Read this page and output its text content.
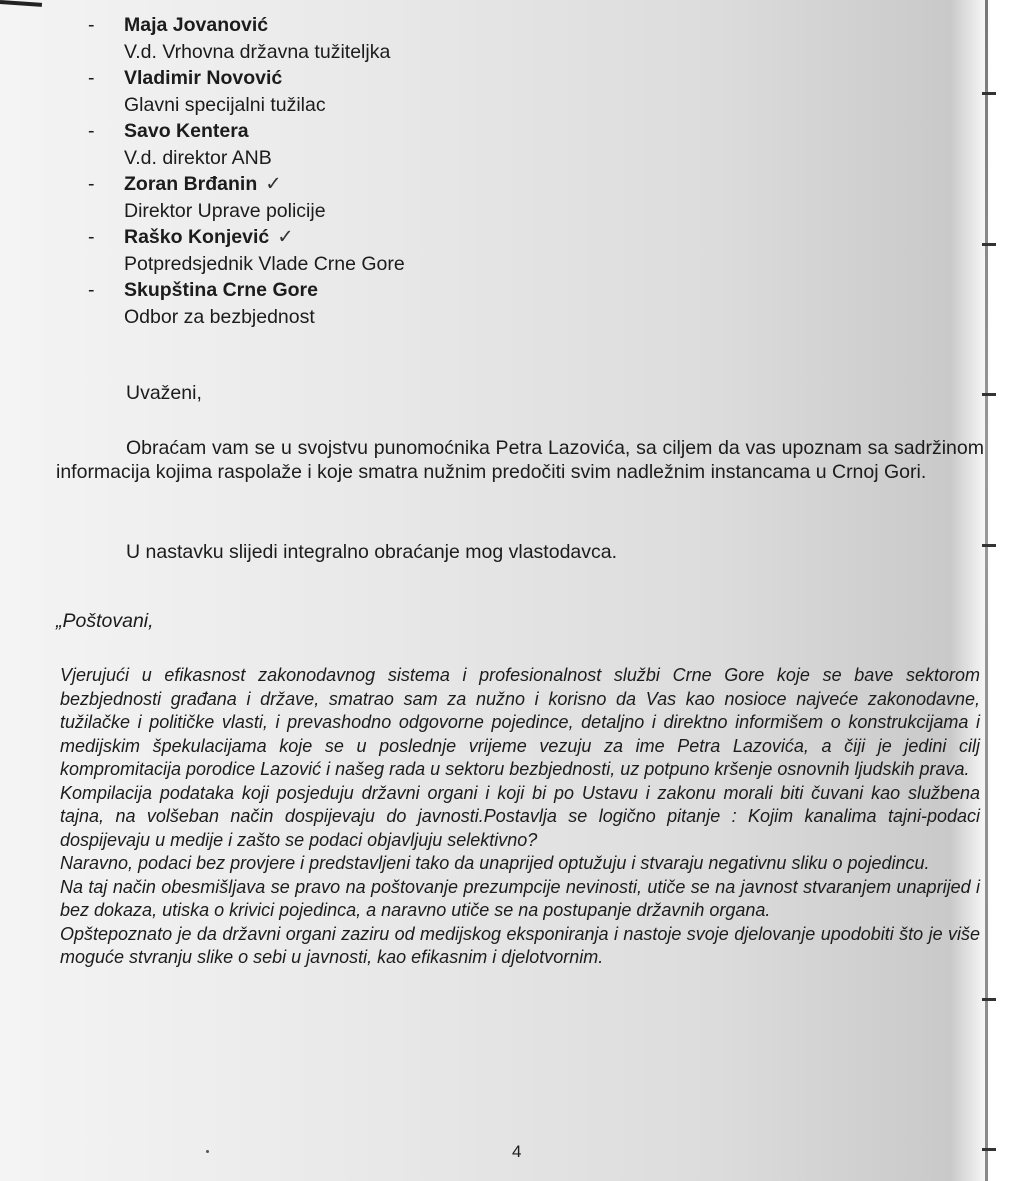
- Maja Jovanović
V.d. Vrhovna državna tužiteljka
- Vladimir Novović
Glavni specijalni tužilac
- Savo Kentera
V.d. direktor ANB
- Zoran Brđanin ✓
Direktor Uprave policije
- Raško Konjević ✓
Potpredsjednik Vlade Crne Gore
- Skupština Crne Gore
Odbor za bezbjednost
Uvaženi,
Obraćam vam se u svojstvu punomoćnika Petra Lazovića, sa ciljem da vas upoznam sa sadržinom informacija kojima raspolaže i koje smatra nužnim predočiti svim nadležnim instancama u Crnoj Gori.
U nastavku slijedi integralno obraćanje mog vlastodavca.
„Poštovani,

Vjerujući u efikasnost zakonodavnog sistema i profesionalnost službi Crne Gore koje se bave sektorom bezbjednosti građana i države, smatrao sam za nužno i korisno da Vas kao nosioce najveće zakonodavne, tužilačke i političke vlasti, i prevashodno odgovorne pojedince, detaljno i direktno informišem o konstrukcijama i medijskim špekulacijama koje se u poslednje vrijeme vezuju za ime Petra Lazovića, a čiji je jedini cilj kompromitacija porodice Lazović i našeg rada u sektoru bezbjednosti, uz potpuno kršenje osnovnih ljudskih prava.

Kompilacija podataka koji posjeduju državni organi i koji bi po Ustavu i zakonu morali biti čuvani kao službena tajna, na volšeban način dospijevaju do javnosti.Postavlja se logično pitanje : Kojim kanalima tajni-podaci dospijevaju u medije i zašto se podaci objavljuju selektivno?

Naravno, podaci bez provjere i predstavljeni tako da unaprijed optužuju i stvaraju negativnu sliku o pojedincu.

Na taj način obesmišljava se pravo na poštovanje prezumpcije nevinosti, utiče se na javnost stvaranjem unaprijed i bez dokaza, utiska o krivici pojedinca, a naravno utiče se na postupanje državnih organa.

Opštepoznato je da državni organi zaziru od medijskog eksponiranja i nastoje svoje djelovanje upodobiti što je više moguće stvranju slike o sebi u javnosti, kao efikasnim i djelotvornim.

4
